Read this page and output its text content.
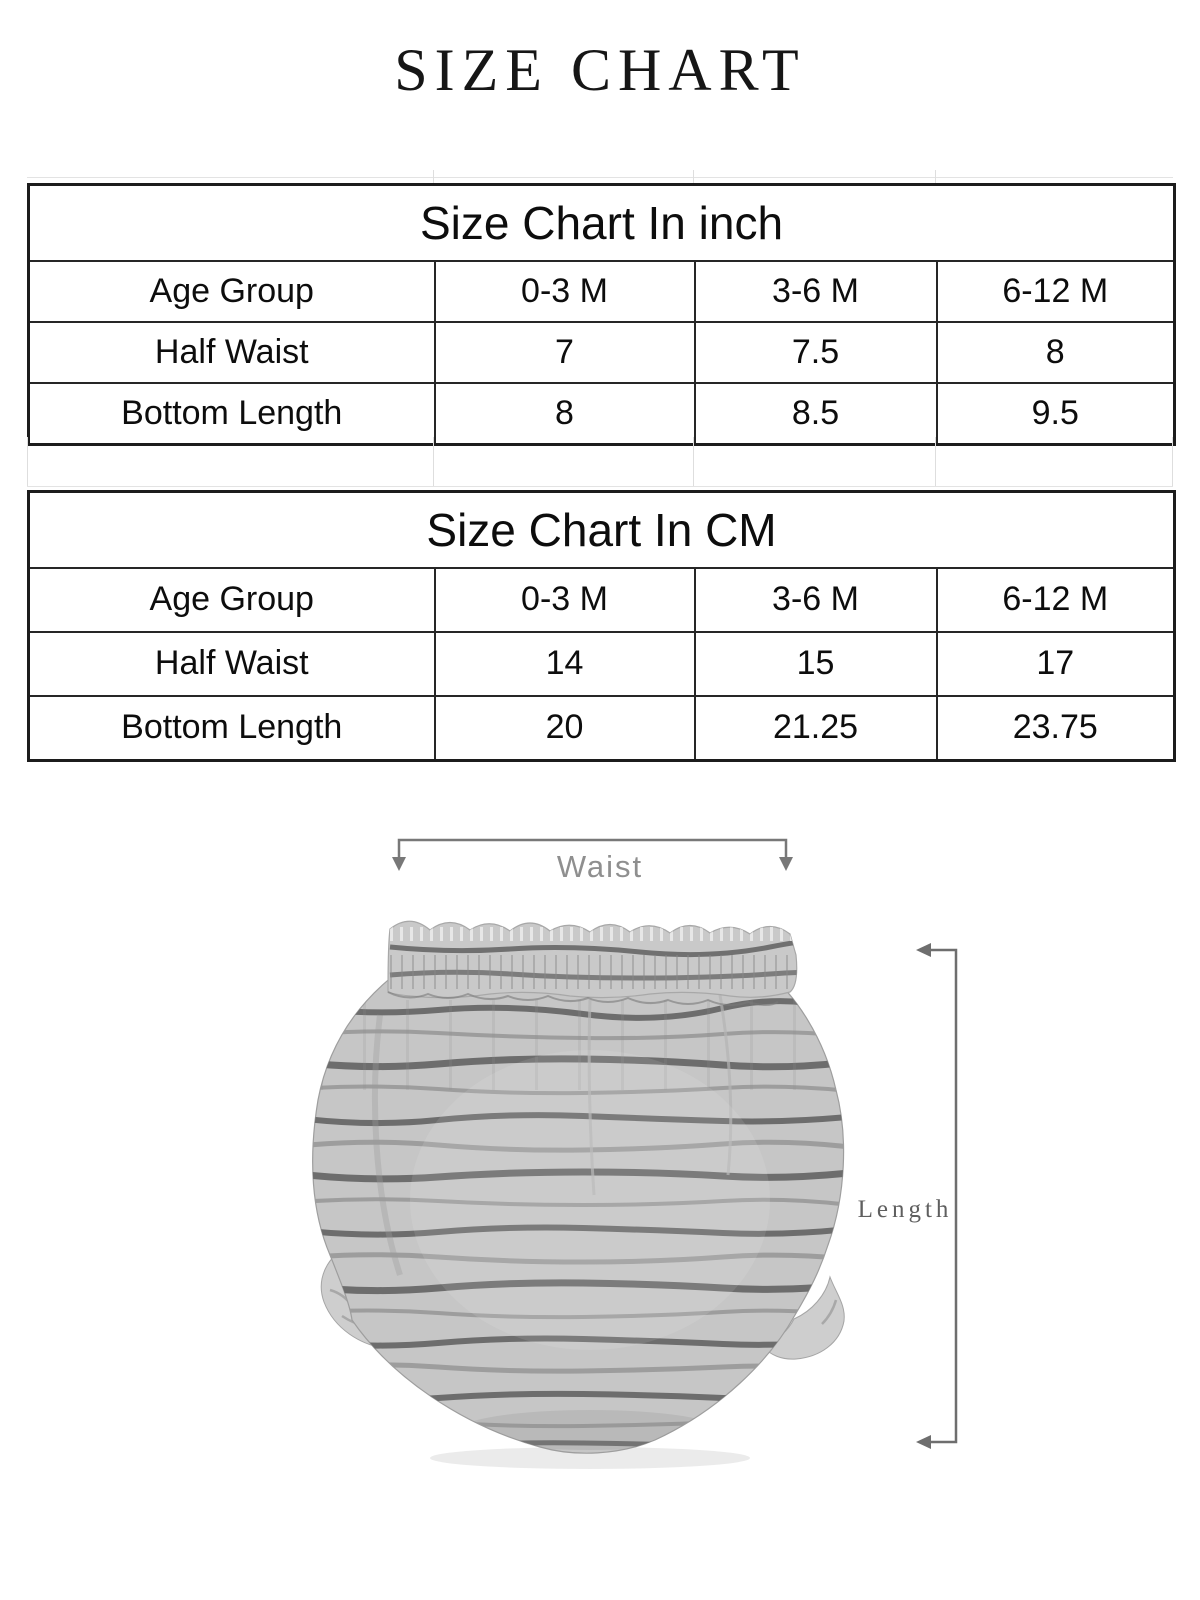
SIZE CHART
Size Chart In inch			
Age Group	0-3 M	3-6 M	6-12 M
Half Waist	7	7.5	8
Bottom Length	8	8.5	9.5
Size Chart In CM			
Age Group	0-3 M	3-6 M	6-12 M
Half Waist	14	15	17
Bottom Length	20	21.25	23.75
Waist
Length
